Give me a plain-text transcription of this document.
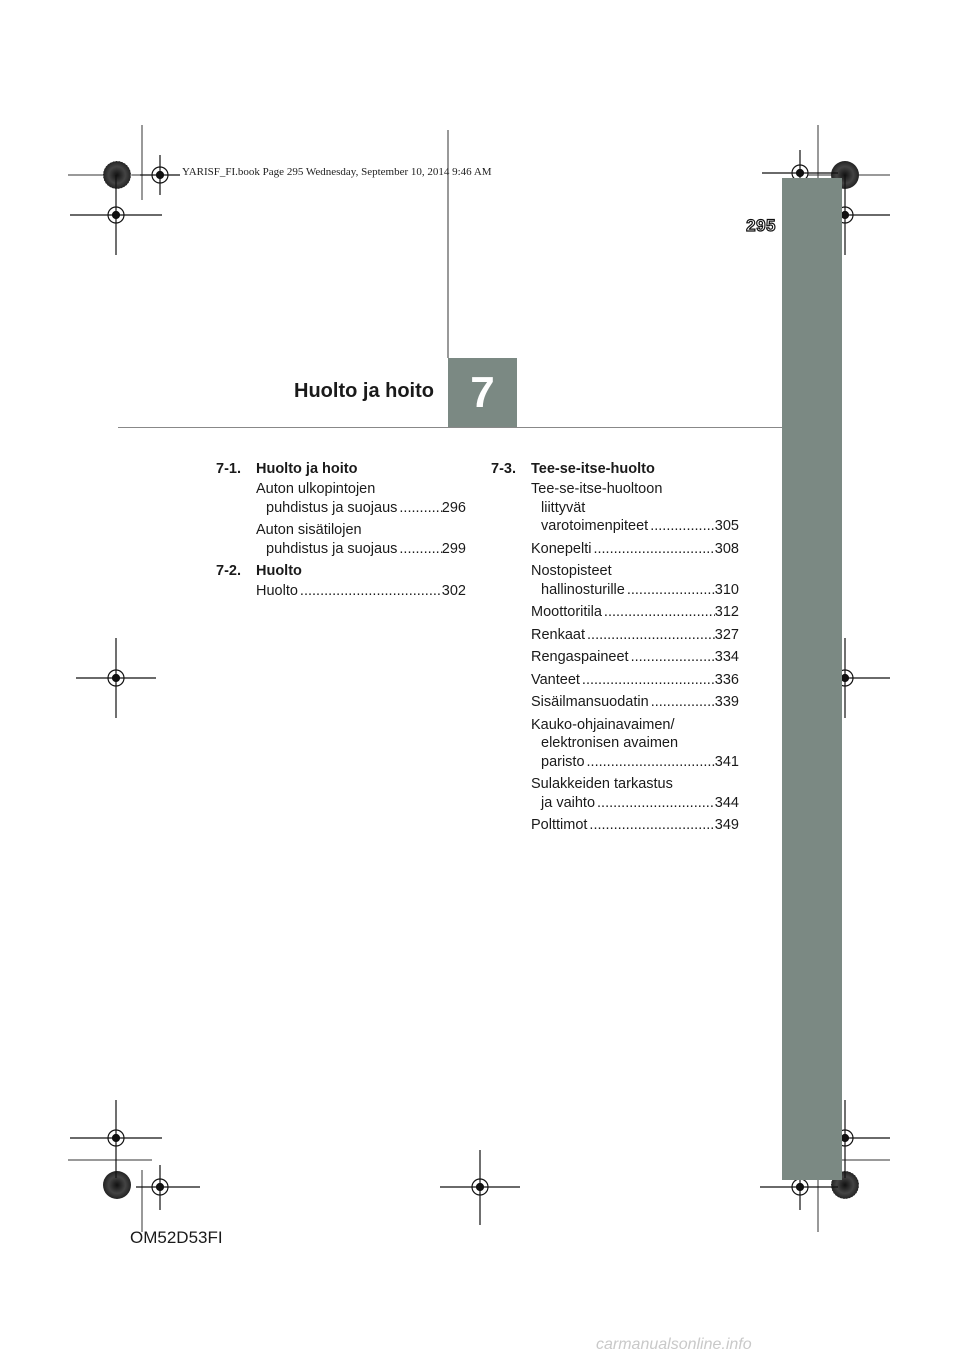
YARISF_FI.book Page 295 Wednesday, September 10, 2014 9:46 AM
295
Huolto ja hoito 7
7-1. Huolto ja hoito
Auton ulkopintojen
puhdistus ja suojaus .....	296
Auton sisätilojen
puhdistus ja suojaus .....	299
7-2. Huolto
Huolto .....	302
7-3. Tee-se-itse-huolto
Tee-se-itse-huoltoon
liittyvät
varotoimenpiteet .....	305
Konepelti .....	308
Nostopisteet
hallinosturille .....	310
Moottoritila .....	312
Renkaat .....	327
Rengaspaineet .....	334
Vanteet .....	336
Sisäilmansuodatin .....	339
Kauko-ohjainavaimen/
elektronisen avaimen
paristo .....	341
Sulakkeiden tarkastus
ja vaihto .....	344
Polttimot .....	349
OM52D53FI
carmanualsonline.info
